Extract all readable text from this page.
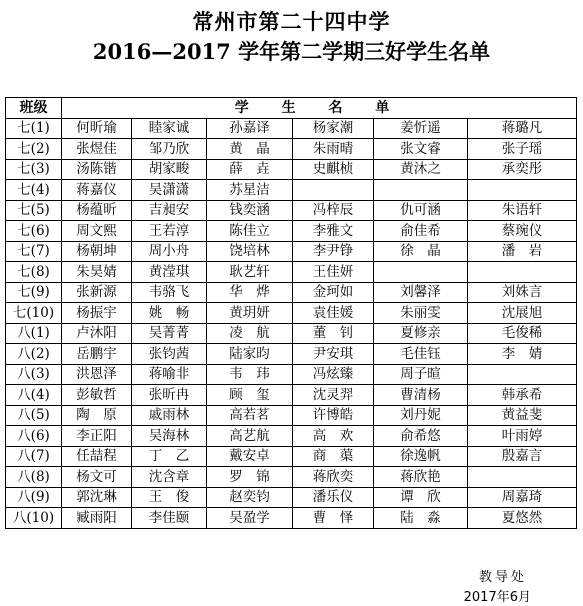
常州市第二十四中学
2016—2017 学年第二学期三好学生名单
班级	学 生 名 单					
七(1)	何昕瑜	睦家诚	孙嘉译	杨家潮	姜忻遥	蒋璐凡
七(2)	张煜佳	邹乃欣	黄　晶	朱雨晴	张文睿	张子瑶
七(3)	汤陈锴	胡家畯	薛　垚	史麒桢	黄沐之	承奕彤
七(4)	蒋嘉仪	吴潇潇	苏星洁			
七(5)	杨蕴昕	吉昶安	钱奕涵	冯梓辰	仇可涵	朱语轩
七(6)	周文熙	王若淳	陈佳立	李雅文	俞佳希	蔡琬仪
七(7)	杨朝坤	周小舟	饶培林	李尹铮	徐　晶	潘　岩
七(8)	朱昊婧	黄滢琪	耿艺轩	王佳妍		
七(9)	张新源	韦骆飞	华　烨	金珂如	刘馨泽	刘姝言
七(10)	杨振宇	姚　畅	黄玥妍	袁佳媛	朱丽雯	沈展旭
八(1)	卢沐阳	吴菁菁	凌　航	董　钊	夏修亲	毛俊稀
八(2)	岳鹏宇	张钧茜	陆家昀	尹安琪	毛佳钰	李　婧
八(3)	洪恩泽	蒋喻非	韦　玮	冯炫臻	周子暄	
八(4)	彭敏哲	张昕冉	顾　玺	沈灵羿	曹清杨	韩承希
八(5)	陶　原	戚雨林	高若茗	许博皓	刘丹妮	黄益斐
八(6)	李正阳	吴海林	高艺航	高　欢	俞希悠	叶雨婷
八(7)	任喆程	丁　乙	戴安卓	商　蕖	徐逸帆	殷嘉言
八(8)	杨文可	沈含章	罗　锦	蒋欣奕	蒋欣艳	
八(9)	郭沈琳	王　俊	赵奕钧	潘乐仪	谭　欣	周嘉琦
八(10)	臧雨阳	李佳颐	吴盈学	曹　怿	陆　淼	夏悠然
教导处
2017年6月
